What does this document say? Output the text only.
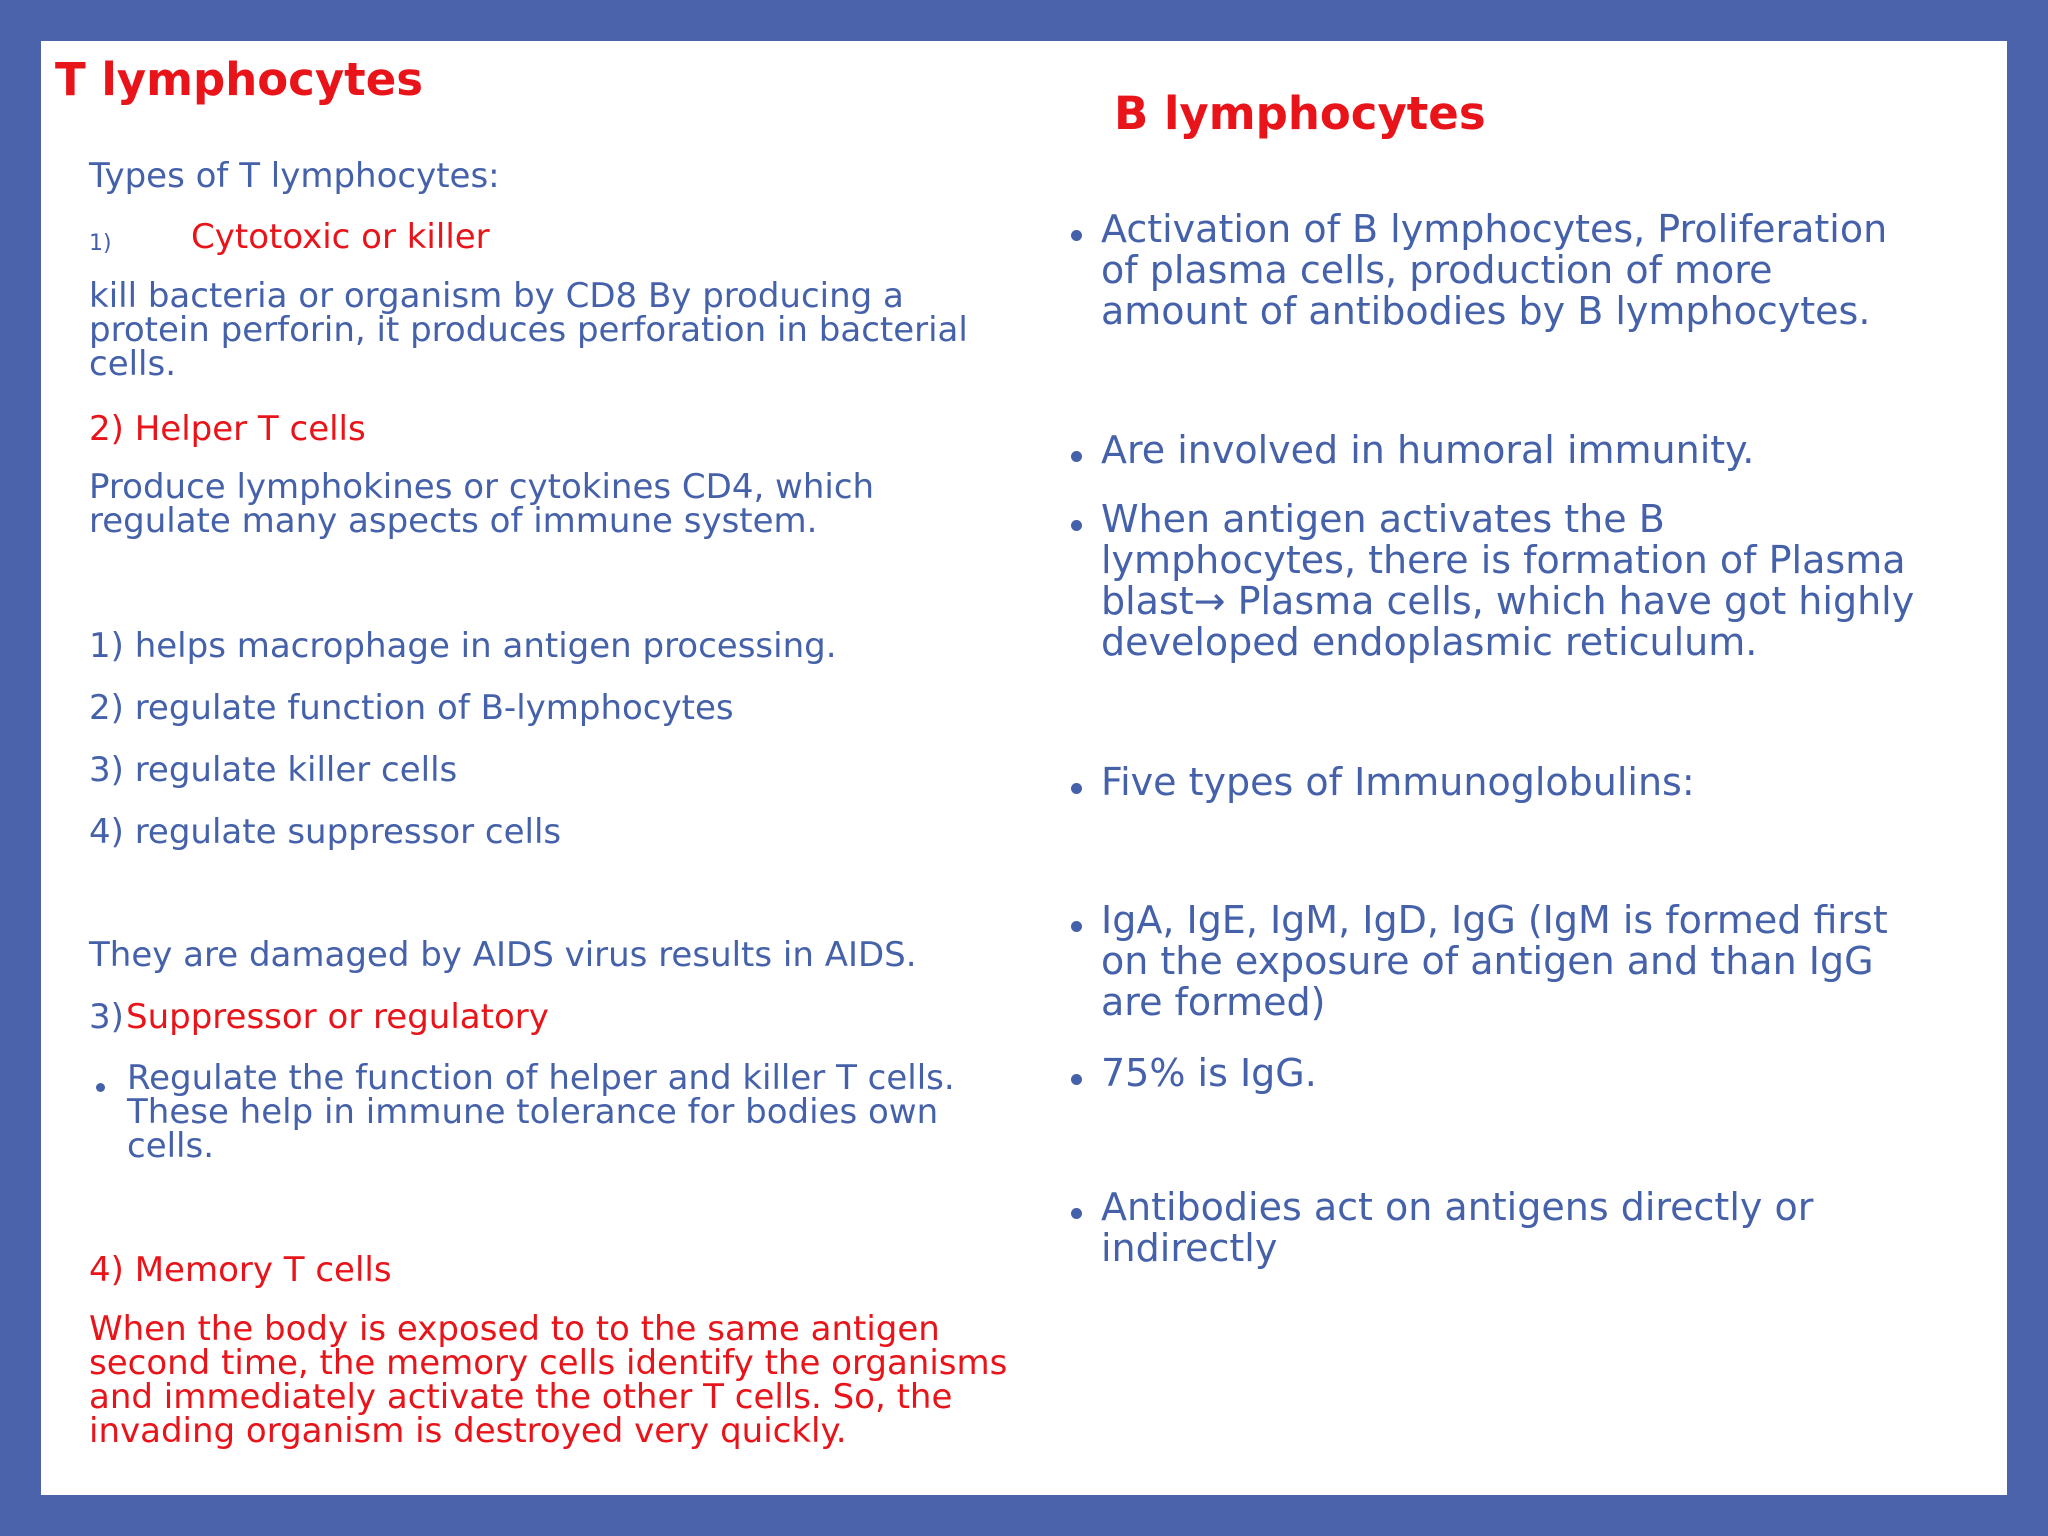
T lymphocytes
Types of T lymphocytes:
1) Cytotoxic or killer
kill bacteria or organism by CD8 By producing a protein perforin, it produces perforation in bacterial cells.
2) Helper T cells
Produce lymphokines or cytokines CD4, which regulate many aspects of immune system.
1) helps macrophage in antigen processing.
2) regulate function of B-lymphocytes
3) regulate killer cells
4) regulate suppressor cells
They are damaged by AIDS virus results in AIDS.
3) Suppressor or regulatory
Regulate the function of helper and killer T cells. These help in immune tolerance for bodies own cells.
4) Memory T cells
When the body is exposed to to the same antigen second time, the memory cells identify the organisms and immediately activate the other T cells. So, the invading organism is destroyed very quickly.
B lymphocytes
Activation of B lymphocytes, Proliferation of plasma cells, production of more amount of antibodies by B lymphocytes.
Are involved in humoral immunity.
When antigen activates the B lymphocytes, there is formation of Plasma blast→ Plasma cells, which have got highly developed endoplasmic reticulum.
Five types of Immunoglobulins:
IgA, IgE, IgM, IgD, IgG (IgM is formed first on the exposure of antigen and than IgG are formed)
75% is IgG.
Antibodies act on antigens directly or indirectly
